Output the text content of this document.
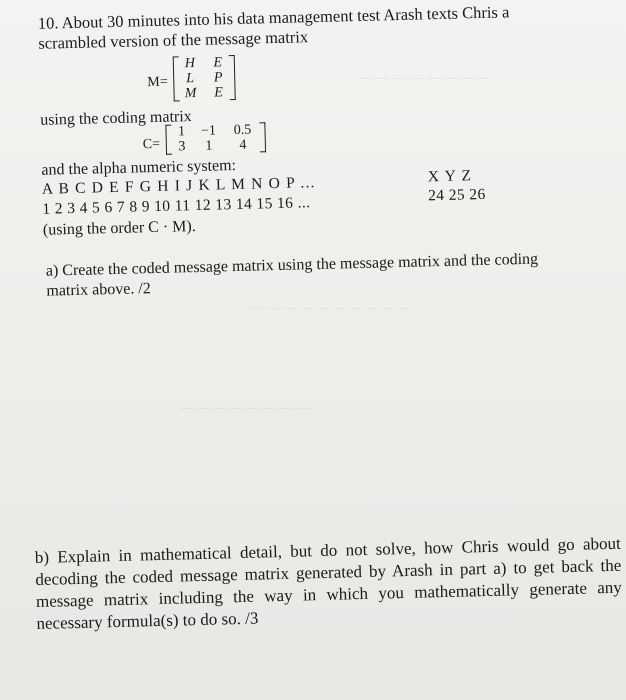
— — — — — — — —
— — — — — — — — — —
— — — — — — — —
10. About 30 minutes into his data management test Arash texts Chris a
scrambled version of the message matrix
M=
H E
L P
M E
using the coding matrix
C=
1 −1	0.5
3	1	4
and the alpha numeric system:
A B C D E F G H I J K L M N O P ...	X Y Z
1 2 3 4 5 6 7 8 9 10 11 12 13 14 15 16 ...	24 25 26
(using the order C · M).
a) Create the coded message matrix using the message matrix and the coding matrix above. /2
b) Explain in mathematical detail, but do not solve, how Chris would go about decoding the coded message matrix generated by Arash in part a) to get back the message matrix including the way in which you mathematically generate any necessary formula(s) to do so. /3
